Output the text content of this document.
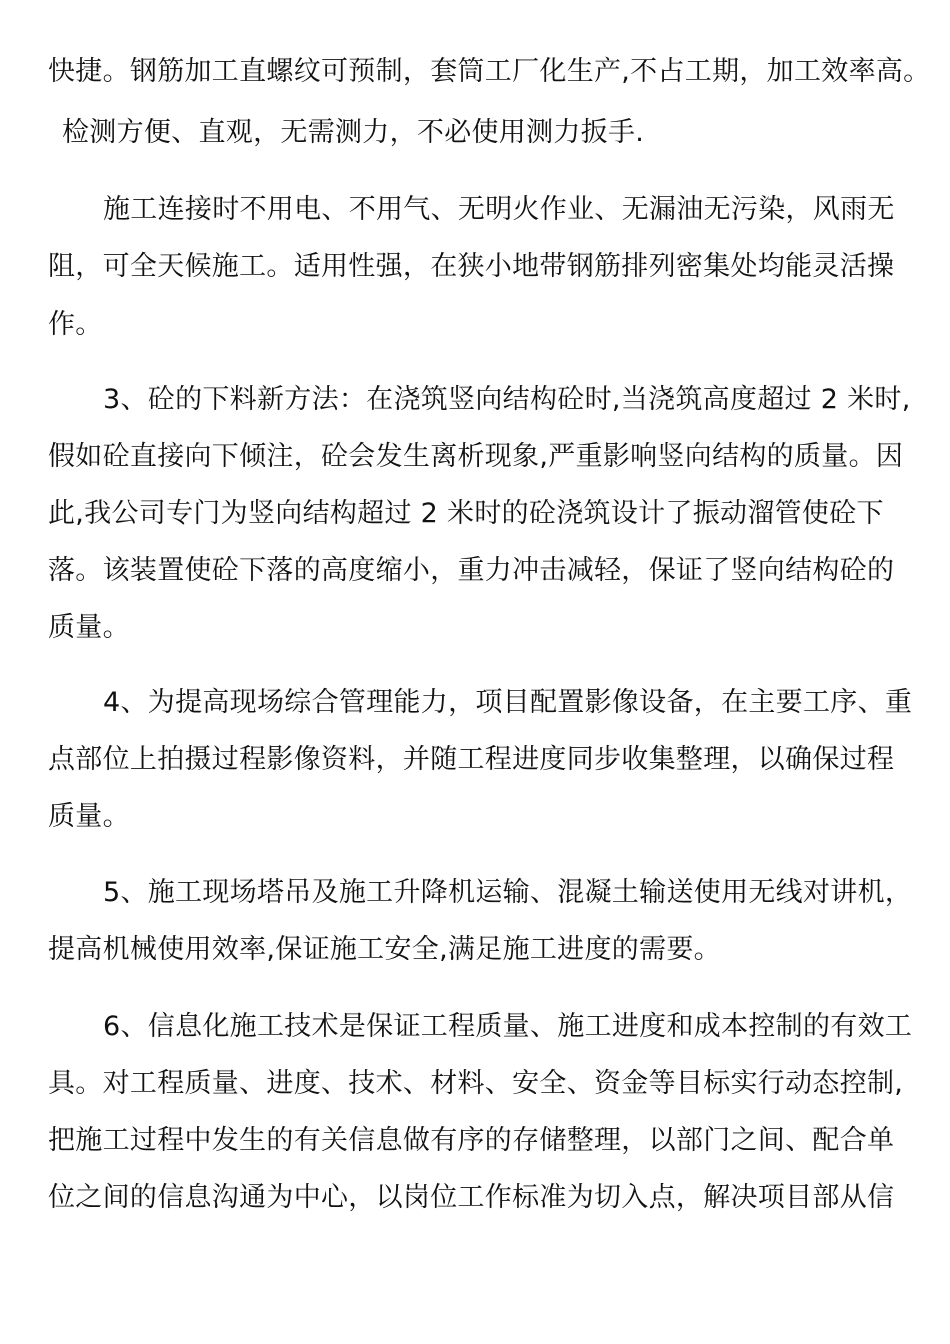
快捷。钢筋加工直螺纹可预制，套筒工厂化生产,不占工期，加工效率高。
检测方便、直观，无需测力，不必使用测力扳手.
施工连接时不用电、不用气、无明火作业、无漏油无污染，风雨无
阻，可全天候施工。适用性强，在狭小地带钢筋排列密集处均能灵活操
作。
3、砼的下料新方法：在浇筑竖向结构砼时,当浇筑高度超过 2 米时,
假如砼直接向下倾注，砼会发生离析现象,严重影响竖向结构的质量。因
此,我公司专门为竖向结构超过 2 米时的砼浇筑设计了振动溜管使砼下
落。该装置使砼下落的高度缩小，重力冲击减轻，保证了竖向结构砼的
质量。
4、为提高现场综合管理能力，项目配置影像设备，在主要工序、重
点部位上拍摄过程影像资料，并随工程进度同步收集整理，以确保过程
质量。
5、施工现场塔吊及施工升降机运输、混凝土输送使用无线对讲机，
提高机械使用效率,保证施工安全,满足施工进度的需要。
6、信息化施工技术是保证工程质量、施工进度和成本控制的有效工
具。对工程质量、进度、技术、材料、安全、资金等目标实行动态控制,
把施工过程中发生的有关信息做有序的存储整理，以部门之间、配合单
位之间的信息沟通为中心，以岗位工作标准为切入点，解决项目部从信
